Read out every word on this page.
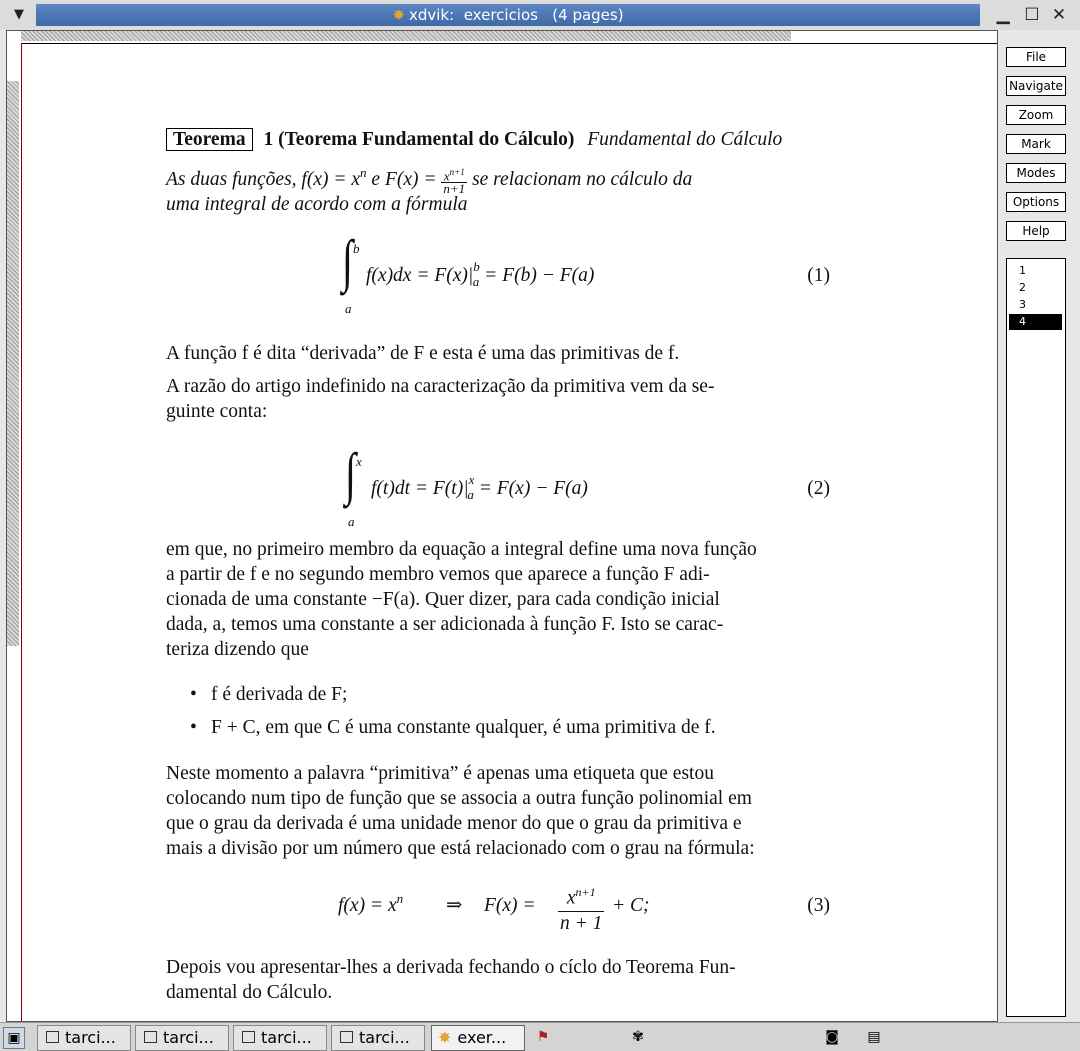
▼	✸ xdvik:  exercicios   (4 pages)	▁ ☐ ✕
Teorema 1 (Teorema Fundamental do Cálculo) Fundamental do Cálculo
As duas funções, $f(x) = x^n$ e $F(x) = \frac{x^{n+1}}{n+1}$ se relacionam no cálculo da
uma integral de acordo com a fórmula
b
∫
a
$f(x)dx = F(x)|^b_a = F(b) - F(a)$	(1)
A função f é dita “derivada” de F e esta é uma das primitivas de f.
A razão do artigo indefinido na caracterização da primitiva vem da se-
guinte conta:
x
∫
a
$f(t)dt = F(t)|^x_a = F(x) - F(a)$	(2)
em que, no primeiro membro da equação a integral define uma nova função
a partir de f e no segundo membro vemos que aparece a função F adi-
cionada de uma constante −F(a). Quer dizer, para cada condição inicial
dada, a, temos uma constante a ser adicionada à função F. Isto se carac-
teriza dizendo que
• f é derivada de F;
• F + C, em que C é uma constante qualquer, é uma primitiva de f.
Neste momento a palavra “primitiva” é apenas uma etiqueta que estou
colocando num tipo de função que se associa a outra função polinomial em
que o grau da derivada é uma unidade menor do que o grau da primitiva e
mais a divisão por um número que está relacionado com o grau na fórmula:
$f(x) = x^n$ ⇒ $F(x) = \frac{x^{n+1}}{n + 1} + C$;	(3)
Depois vou apresentar-lhes a derivada fechando o cíclo do Teorema Fun-
damental do Cálculo.
File
Navigate
Zoom
Mark
Modes
Options
Help
1
2
3
4
▣	tarci...	tarci...	tarci...	tarci...	✸ exer...	⚑	✾	◙ ▤
